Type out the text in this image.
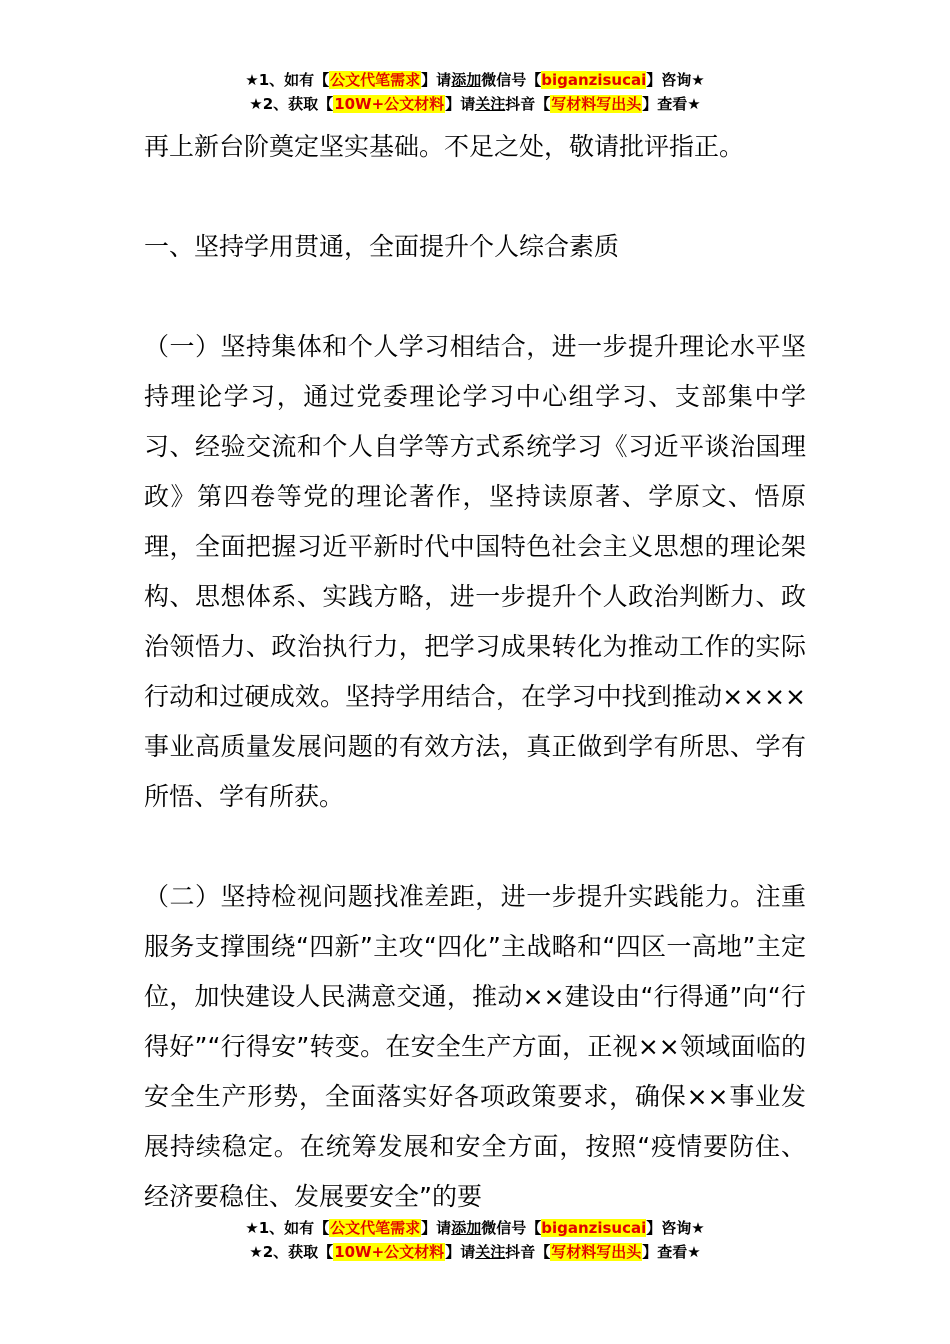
★1、如有【公文代笔需求】请添加微信号【biganzisucai】咨询★
★2、获取【10W+公文材料】请关注抖音【写材料写出头】查看★

再上新台阶奠定坚实基础。不足之处，敬请批评指正。

一、坚持学用贯通，全面提升个人综合素质

（一）坚持集体和个人学习相结合，进一步提升理论水平坚持理论学习，通过党委理论学习中心组学习、支部集中学习、经验交流和个人自学等方式系统学习《习近平谈治国理政》第四卷等党的理论著作，坚持读原著、学原文、悟原理，全面把握习近平新时代中国特色社会主义思想的理论架构、思想体系、实践方略，进一步提升个人政治判断力、政治领悟力、政治执行力，把学习成果转化为推动工作的实际行动和过硬成效。坚持学用结合，在学习中找到推动××××事业高质量发展问题的有效方法，真正做到学有所思、学有所悟、学有所获。

（二）坚持检视问题找准差距，进一步提升实践能力。注重服务支撑围绕“四新”主攻“四化”主战略和“四区一高地”主定位，加快建设人民满意交通，推动××建设由“行得通”向“行得好”“行得安”转变。在安全生产方面，正视××领域面临的安全生产形势，全面落实好各项政策要求，确保××事业发展持续稳定。在统筹发展和安全方面，按照“疫情要防住、经济要稳住、发展要安全”的要

★1、如有【公文代笔需求】请添加微信号【biganzisucai】咨询★
★2、获取【10W+公文材料】请关注抖音【写材料写出头】查看★
